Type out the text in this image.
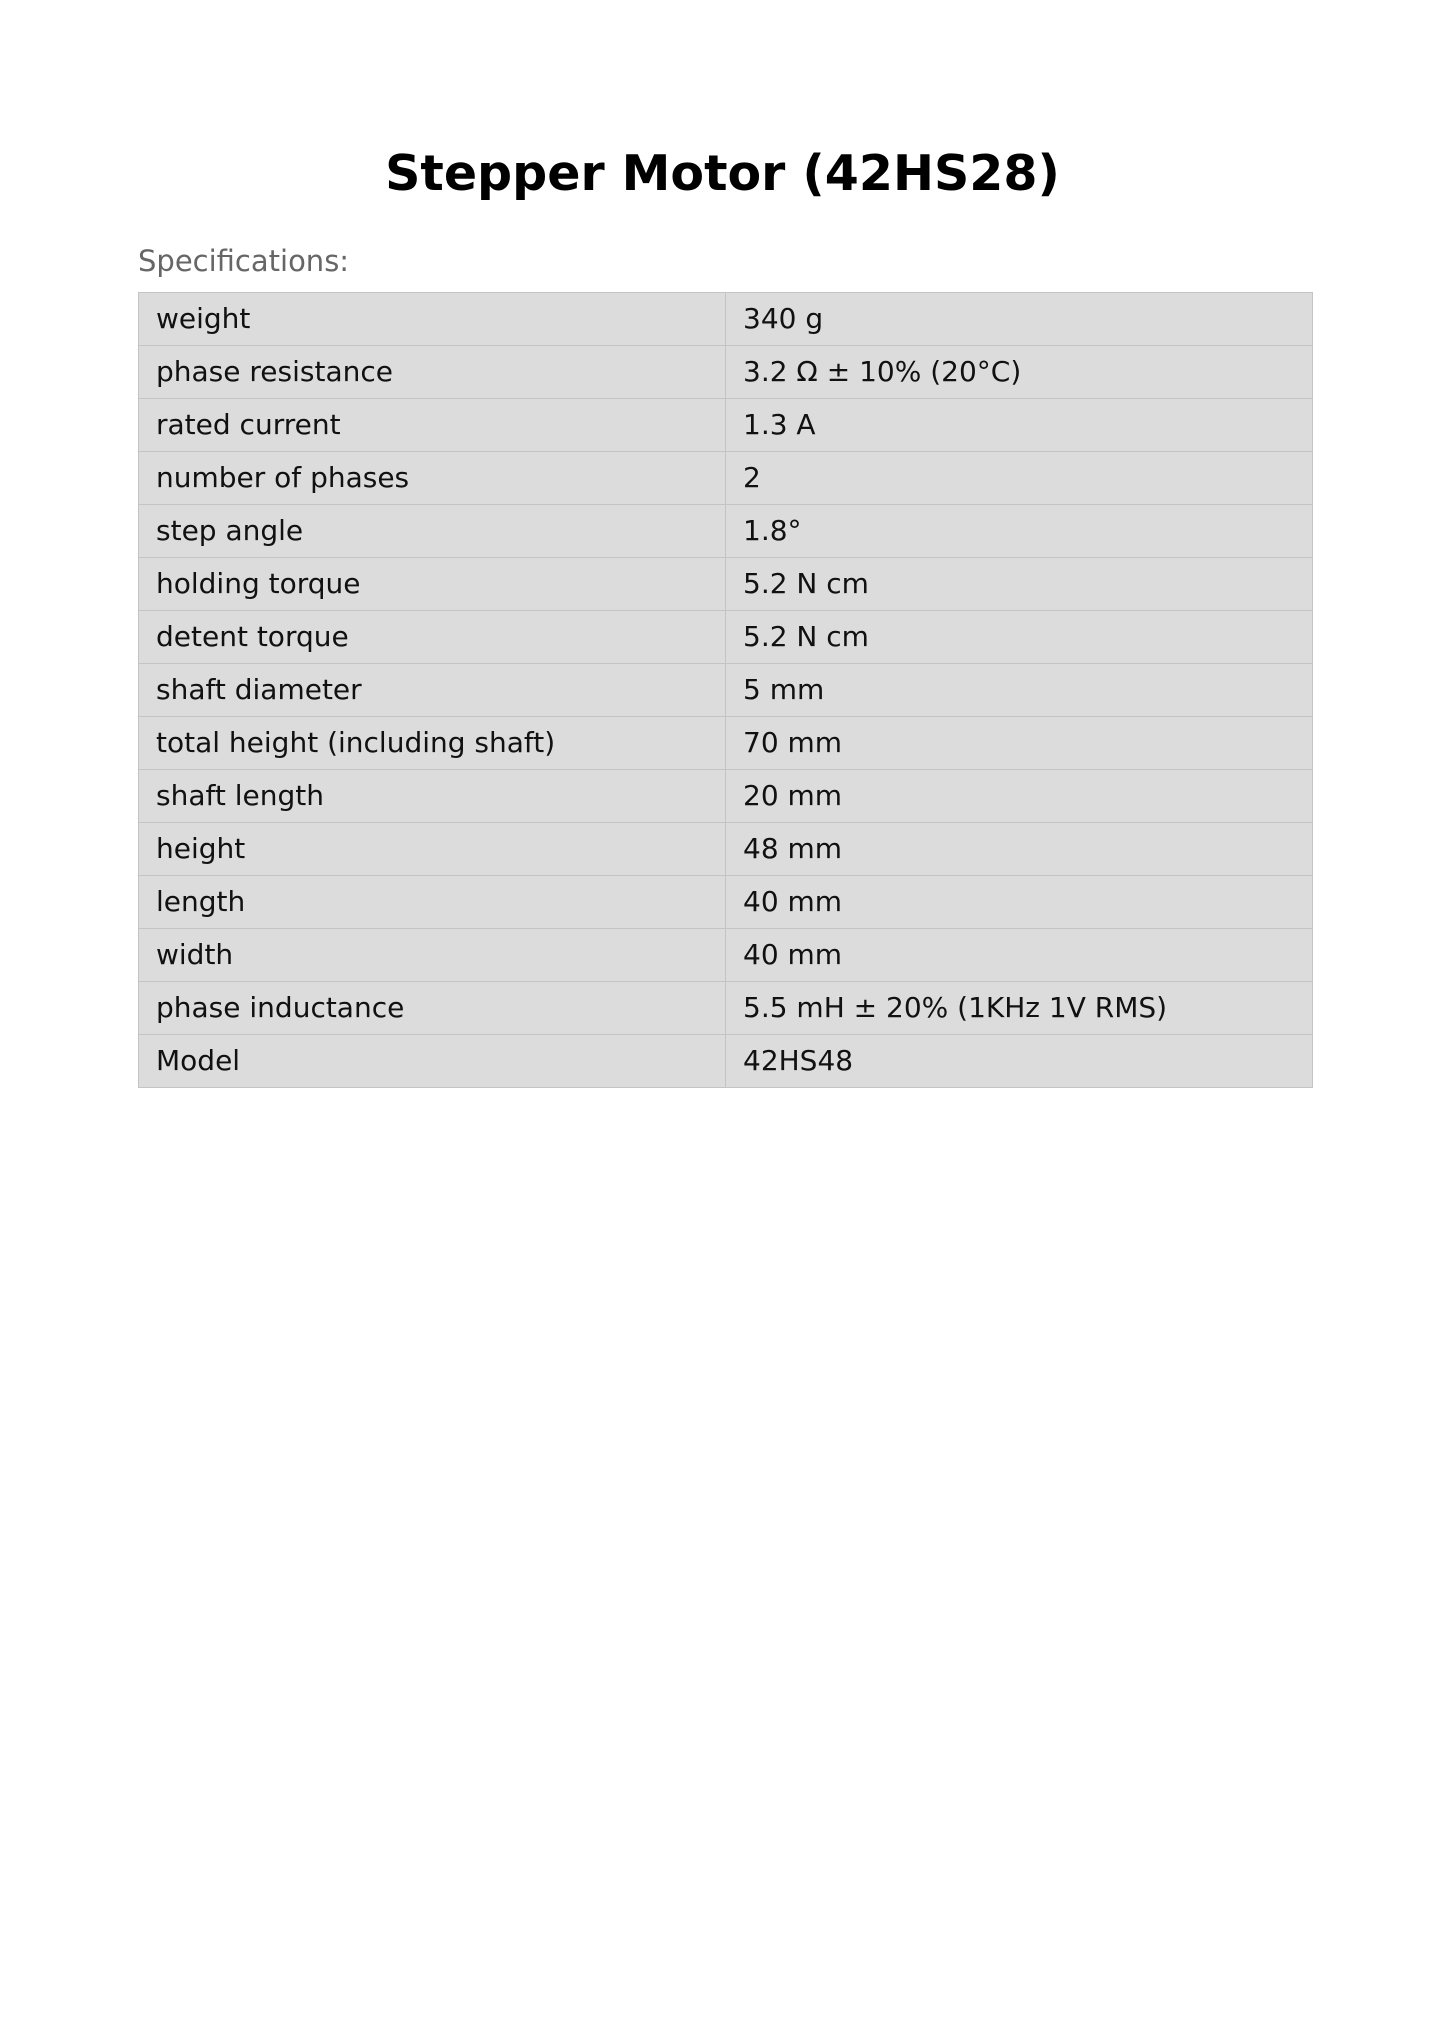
Stepper Motor (42HS28)

Specifications:

weight	340 g
phase resistance	3.2 Ω ± 10% (20°C)
rated current	1.3 A
number of phases	2
step angle	1.8°
holding torque	5.2 N cm
detent torque	5.2 N cm
shaft diameter	5 mm
total height (including shaft)	70 mm
shaft length	20 mm
height	48 mm
length	40 mm
width	40 mm
phase inductance	5.5 mH ± 20% (1KHz 1V RMS)
Model	42HS48
